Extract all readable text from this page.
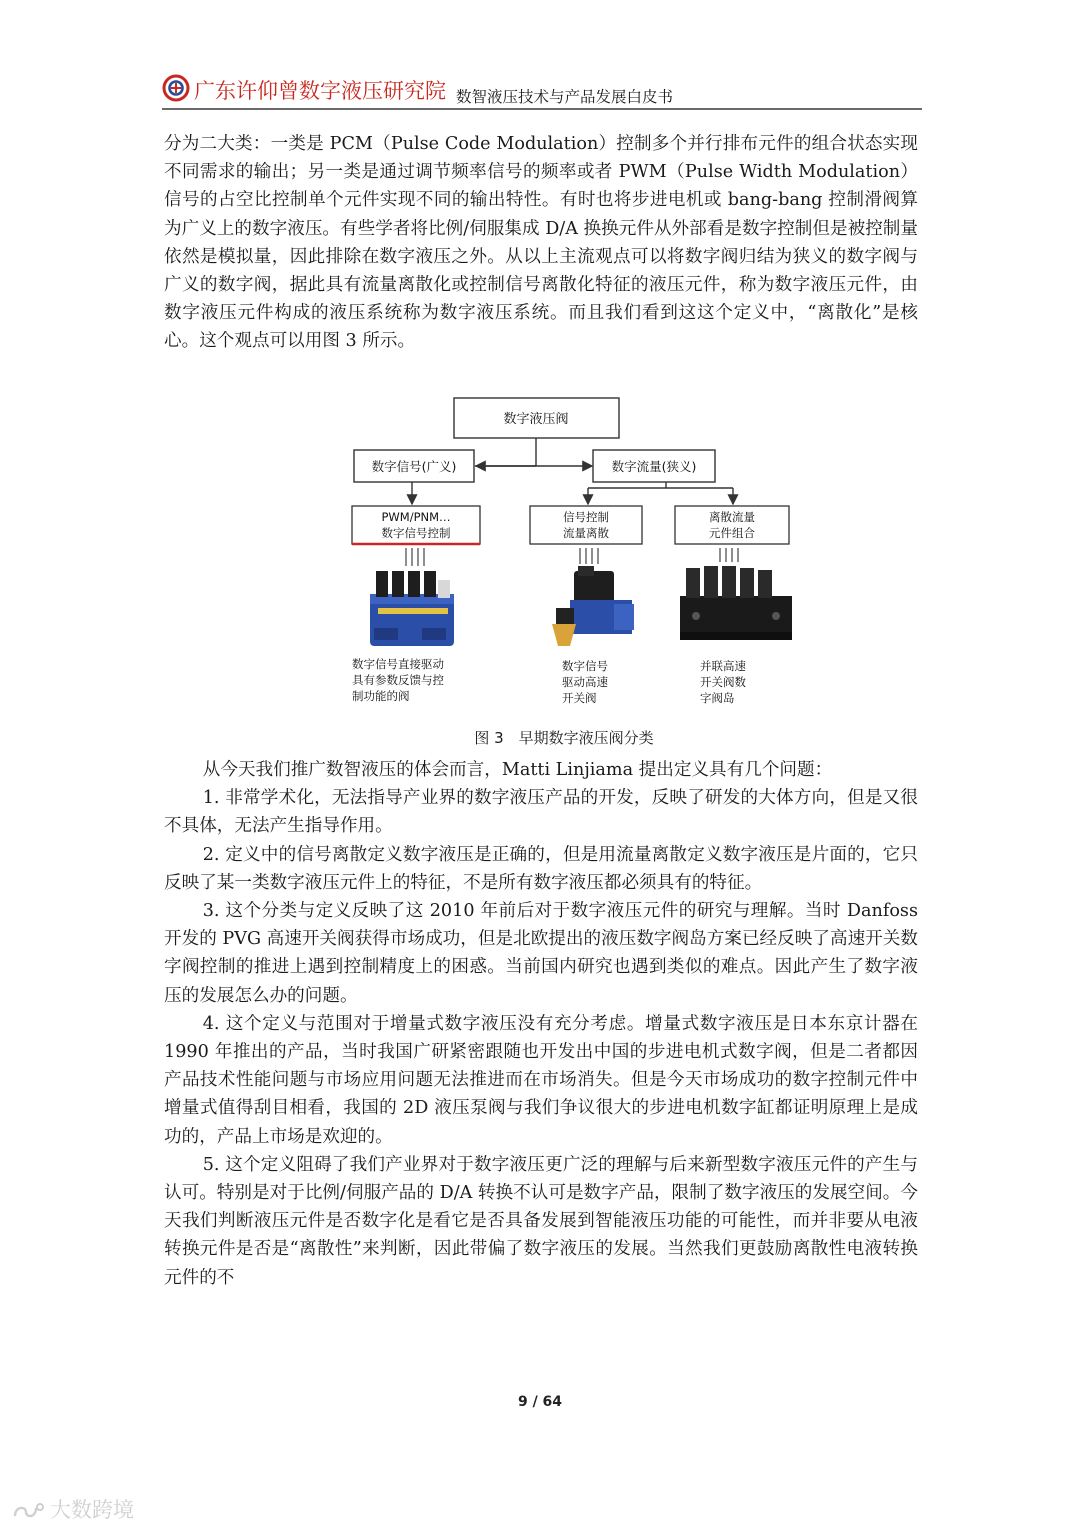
广东许仰曾数字液压研究院 数智液压技术与产品发展白皮书

分为二大类：一类是 PCM（Pulse Code Modulation）控制多个并行排布元件的组合状态实现不同需求的输出；另一类是通过调节频率信号的频率或者 PWM（Pulse Width Modulation）信号的占空比控制单个元件实现不同的输出特性。有时也将步进电机或 bang-bang 控制滑阀算为广义上的数字液压。有些学者将比例/伺服集成 D/A 换换元件从外部看是数字控制但是被控制量依然是模拟量，因此排除在数字液压之外。从以上主流观点可以将数字阀归结为狭义的数字阀与广义的数字阀，据此具有流量离散化或控制信号离散化特征的液压元件，称为数字液压元件，由数字液压元件构成的液压系统称为数字液压系统。而且我们看到这这个定义中，“离散化”是核心。这个观点可以用图 3 所示。

数字液压阀
数字信号(广义)	数字流量(狭义)
PWM/PNM…
数字信号控制
信号控制
流量离散
离散流量
元件组合
数字信号直接驱动
具有参数反馈与控
制功能的阀
数字信号
驱动高速
开关阀
并联高速
开关阀数
字阀岛
图 3　早期数字液压阀分类

从今天我们推广数智液压的体会而言，Matti Linjiama 提出定义具有几个问题：

1. 非常学术化，无法指导产业界的数字液压产品的开发，反映了研发的大体方向，但是又很不具体，无法产生指导作用。

2. 定义中的信号离散定义数字液压是正确的，但是用流量离散定义数字液压是片面的，它只反映了某一类数字液压元件上的特征，不是所有数字液压都必须具有的特征。

3. 这个分类与定义反映了这 2010 年前后对于数字液压元件的研究与理解。当时 Danfoss 开发的 PVG 高速开关阀获得市场成功，但是北欧提出的液压数字阀岛方案已经反映了高速开关数字阀控制的推进上遇到控制精度上的困惑。当前国内研究也遇到类似的难点。因此产生了数字液压的发展怎么办的问题。

4. 这个定义与范围对于增量式数字液压没有充分考虑。增量式数字液压是日本东京计器在 1990 年推出的产品，当时我国广研紧密跟随也开发出中国的步进电机式数字阀，但是二者都因产品技术性能问题与市场应用问题无法推进而在市场消失。但是今天市场成功的数字控制元件中增量式值得刮目相看，我国的 2D 液压泵阀与我们争议很大的步进电机数字缸都证明原理上是成功的，产品上市场是欢迎的。

5. 这个定义阻碍了我们产业界对于数字液压更广泛的理解与后来新型数字液压元件的产生与认可。特别是对于比例/伺服产品的 D/A 转换不认可是数字产品，限制了数字液压的发展空间。今天我们判断液压元件是否数字化是看它是否具备发展到智能液压功能的可能性，而并非要从电液转换元件是否是“离散性”来判断，因此带偏了数字液压的发展。当然我们更鼓励离散性电液转换元件的不

9 / 64
大数跨境
